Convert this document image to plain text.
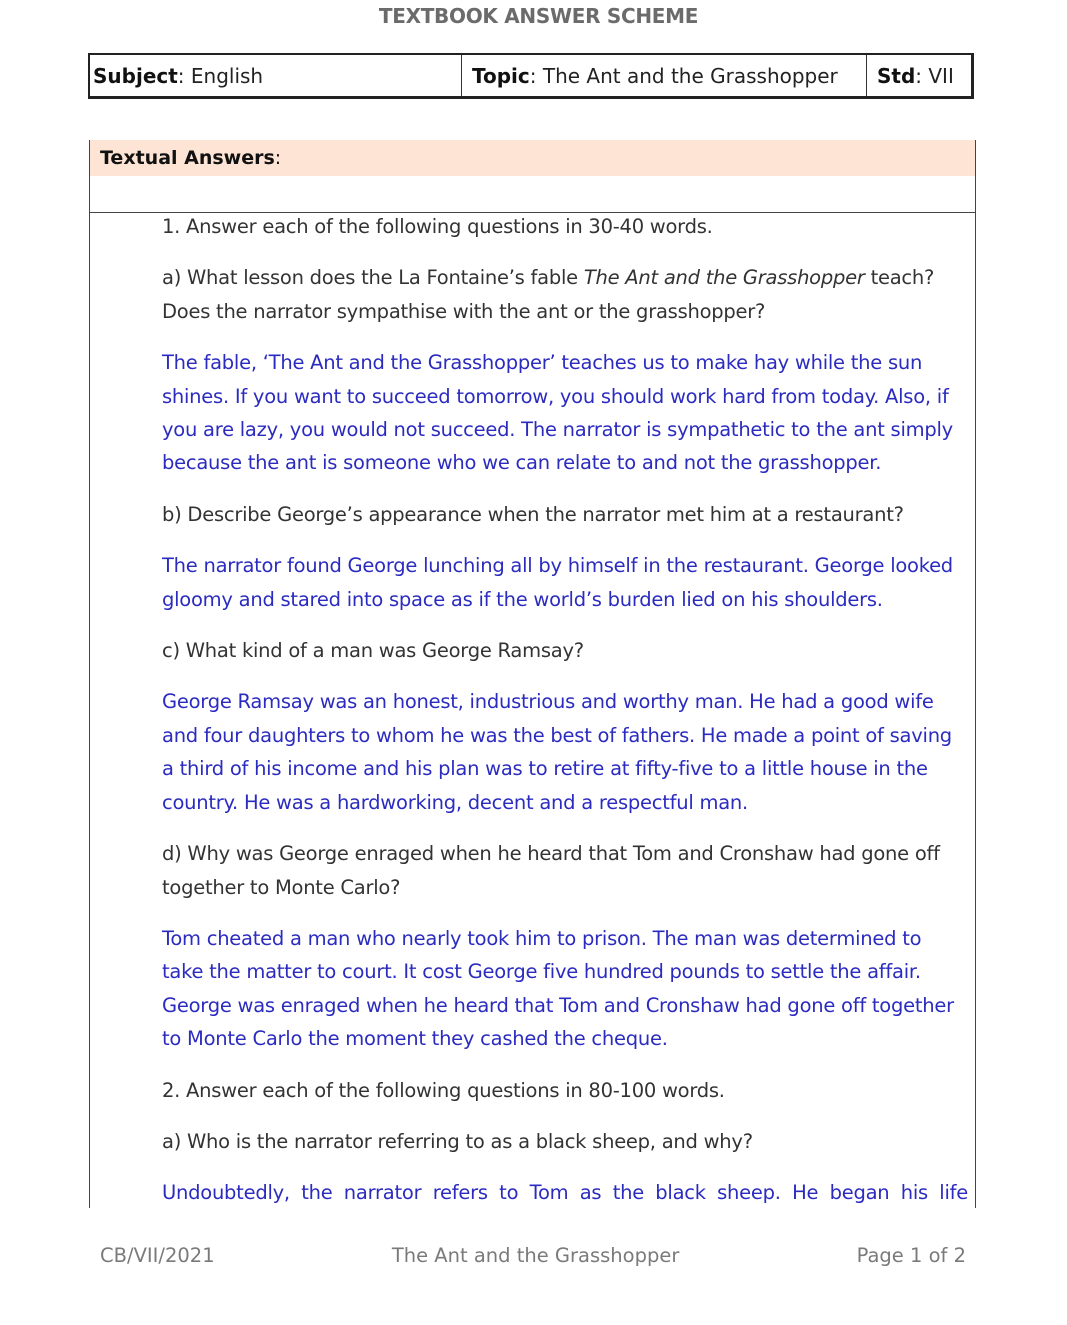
TEXTBOOK ANSWER SCHEME
Subject : English	Topic : The Ant and the Grasshopper Std : VII
Textual Answers :

1. Answer each of the following questions in 30-40 words.

a) What lesson does the La Fontaine’s fable The Ant and the Grasshopper teach? Does the narrator sympathise with the ant or the grasshopper?

The fable, ‘The Ant and the Grasshopper’ teaches us to make hay while the sun shines. If you want to succeed tomorrow, you should work hard from today. Also, if you are lazy, you would not succeed. The narrator is sympathetic to the ant simply because the ant is someone who we can relate to and not the grasshopper.

b) Describe George’s appearance when the narrator met him at a restaurant?

The narrator found George lunching all by himself in the restaurant. George looked gloomy and stared into space as if the world’s burden lied on his shoulders.

c) What kind of a man was George Ramsay?

George Ramsay was an honest, industrious and worthy man. He had a good wife and four daughters to whom he was the best of fathers. He made a point of saving a third of his income and his plan was to retire at fifty-five to a little house in the country. He was a hardworking, decent and a respectful man.

d) Why was George enraged when he heard that Tom and Cronshaw had gone off together to Monte Carlo?

Tom cheated a man who nearly took him to prison. The man was determined to take the matter to court. It cost George five hundred pounds to settle the affair. George was enraged when he heard that Tom and Cronshaw had gone off together to Monte Carlo the moment they cashed the cheque.

2. Answer each of the following questions in 80-100 words.

a) Who is the narrator referring to as a black sheep, and why?

Undoubtedly, the narrator refers to Tom as the black sheep. He began his life

CB/VII/2021	The Ant and the Grasshopper	Page 1 of 2
